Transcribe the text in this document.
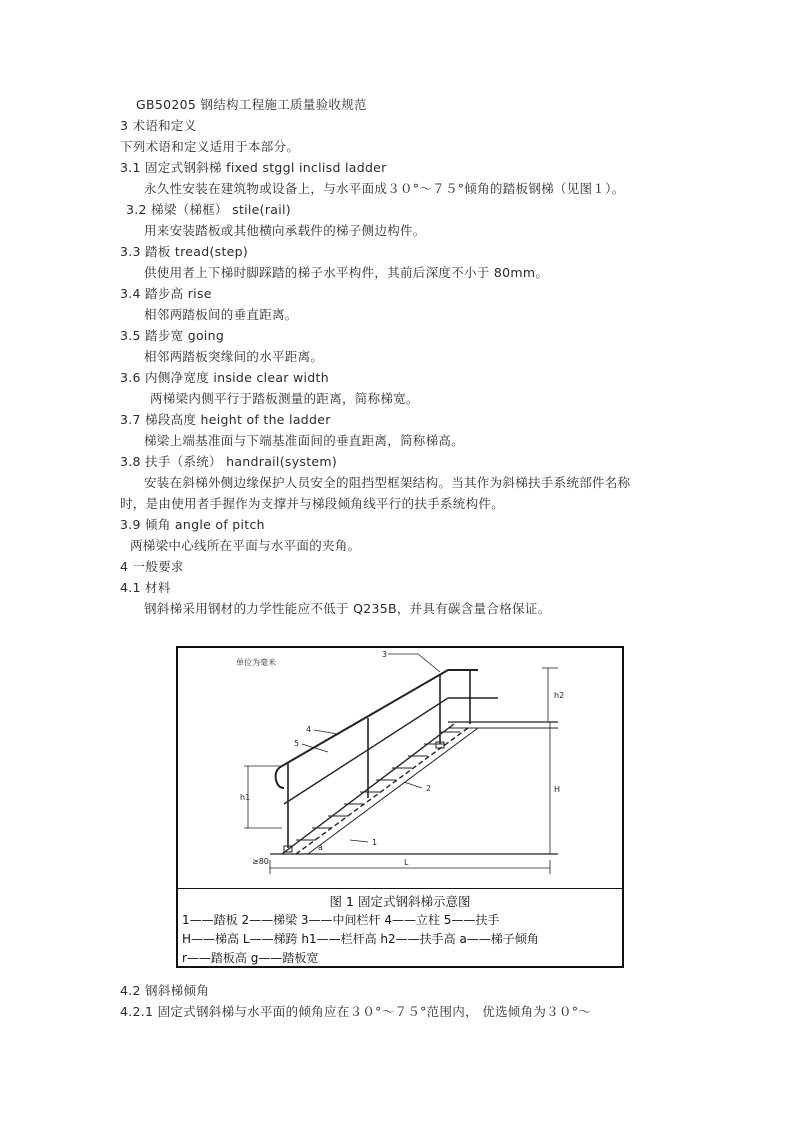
GB50205 钢结构工程施工质量验收规范
3 术语和定义
下列术语和定义适用于本部分。
3.1 固定式钢斜梯 fixed stggl inclisd ladder
永久性安装在建筑物或设备上，与水平面成３０°～７５°倾角的踏板钢梯（见图１）。
3.2 梯梁（梯框） stile(rail)
用来安装踏板或其他横向承载件的梯子侧边构件。
3.3 踏板 tread(step)
供使用者上下梯时脚踩踏的梯子水平构件，其前后深度不小于 80mm。
3.4 踏步高 rise
相邻两踏板间的垂直距离。
3.5 踏步宽 going
相邻两踏板突缘间的水平距离。
3.6 内侧净宽度 inside clear width
两梯梁内侧平行于踏板测量的距离，简称梯宽。
3.7 梯段高度 height of the ladder
梯梁上端基准面与下端基准面间的垂直距离，简称梯高。
3.8 扶手（系统） handrail(system)
安装在斜梯外侧边缘保护人员安全的阻挡型框架结构。当其作为斜梯扶手系统部件名称
时，是由使用者手握作为支撑并与梯段倾角线平行的扶手系统构件。
3.9 倾角 angle of pitch
两梯梁中心线所在平面与水平面的夹角。
4 一般要求
4.1 材料
钢斜梯采用钢材的力学性能应不低于 Q235B，并具有碳含量合格保证。
单位为毫米
3
4
5
2
1
h1
h2
H
L
≥80
a
图 1 固定式钢斜梯示意图
1——踏板 2——梯梁 3——中间栏杆 4——立柱 5——扶手
H——梯高 L——梯跨 h1——栏杆高 h2——扶手高 a——梯子倾角
r——踏板高 g——踏板宽
4.2 钢斜梯倾角
4.2.1 固定式钢斜梯与水平面的倾角应在３０°～７５°范围内， 优选倾角为３０°～
